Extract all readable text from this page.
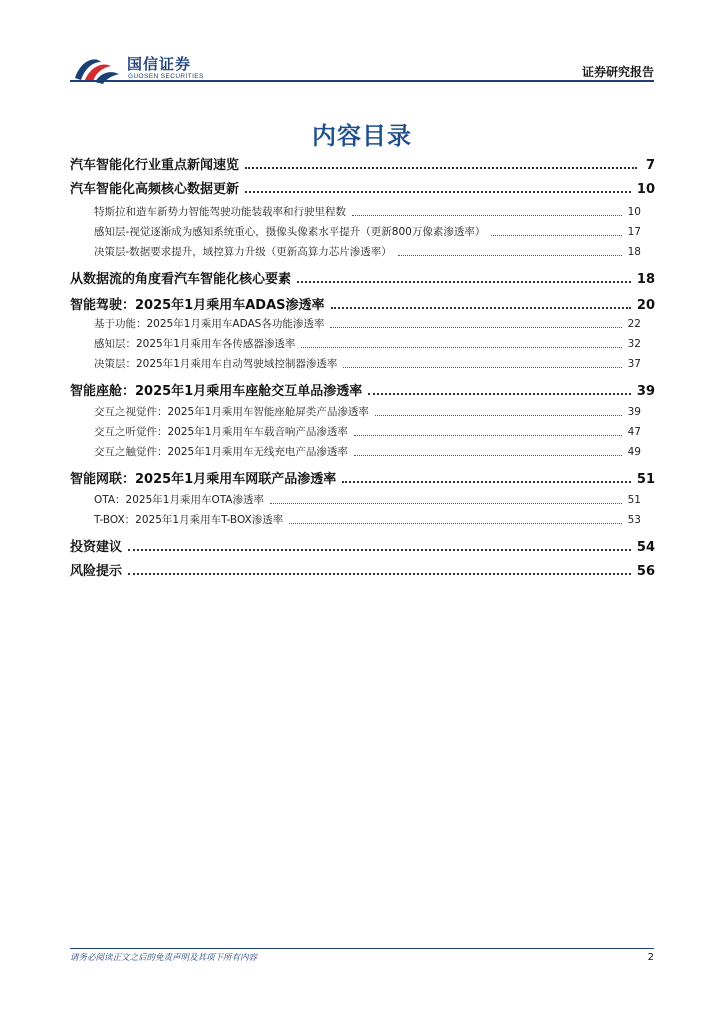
国信证券
GUOSEN SECURITIES	证券研究报告
内容目录
汽车智能化行业重点新闻速览	7
汽车智能化高频核心数据更新	10
特斯拉和造车新势力智能驾驶功能装载率和行驶里程数	10
感知层-视觉逐渐成为感知系统重心，摄像头像素水平提升（更新800万像素渗透率）	17
决策层-数据要求提升，域控算力升级（更新高算力芯片渗透率）	18
从数据流的角度看汽车智能化核心要素	18
智能驾驶：2025年1月乘用车ADAS渗透率	20
基于功能：2025年1月乘用车ADAS各功能渗透率	22
感知层：2025年1月乘用车各传感器渗透率	32
决策层：2025年1月乘用车自动驾驶域控制器渗透率	37
智能座舱：2025年1月乘用车座舱交互单品渗透率	39
交互之视觉件：2025年1月乘用车智能座舱屏类产品渗透率	39
交互之听觉件：2025年1月乘用车车载音响产品渗透率	47
交互之触觉件：2025年1月乘用车无线充电产品渗透率	49
智能网联：2025年1月乘用车网联产品渗透率	51
OTA：2025年1月乘用车OTA渗透率	51
T-BOX：2025年1月乘用车T-BOX渗透率	53
投资建议	54
风险提示	56
请务必阅读正文之后的免责声明及其项下所有内容	2
